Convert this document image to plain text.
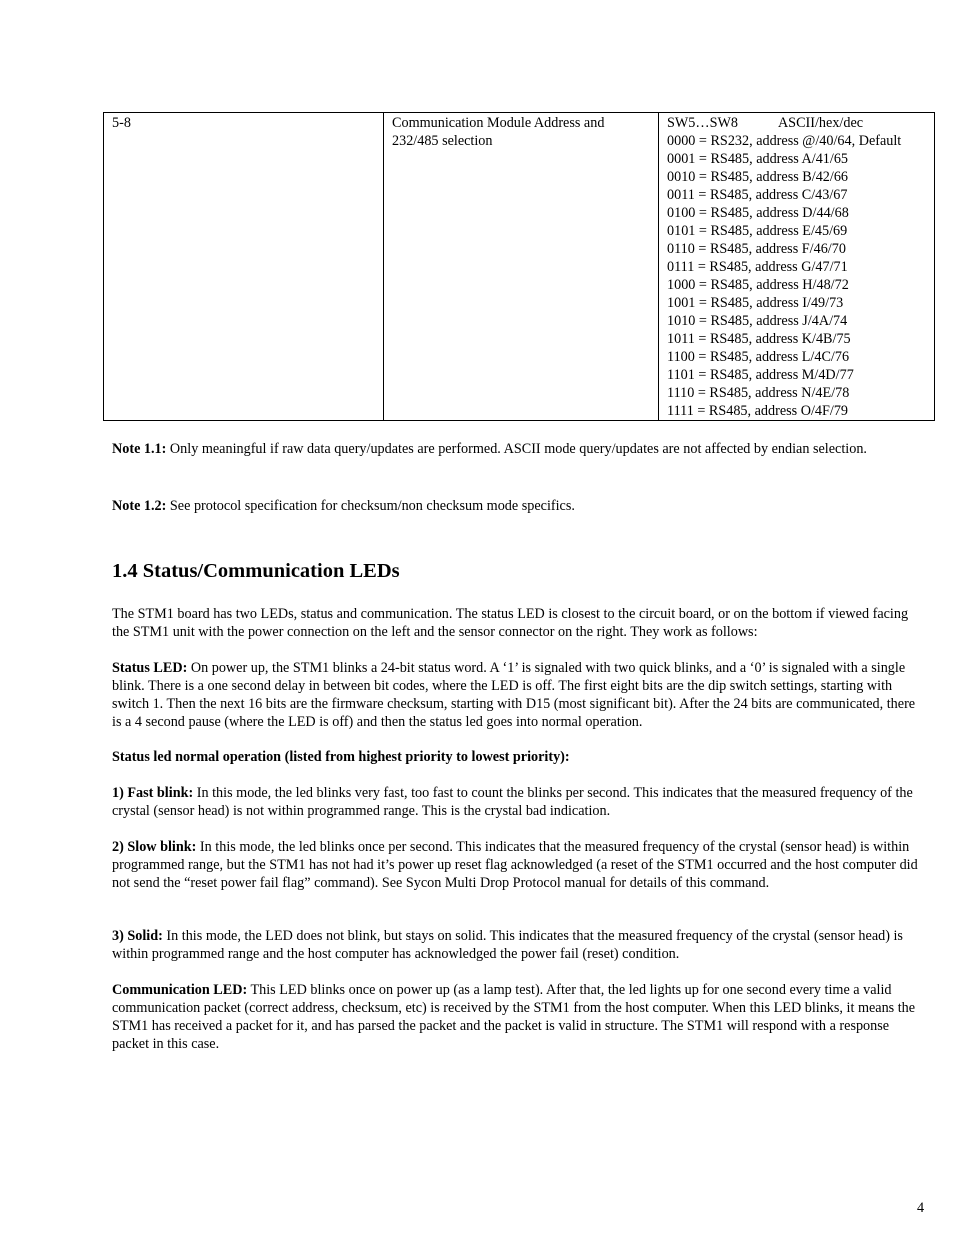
5-8	Communication Module Address and 232/485 selection	
SW5…SW8	ASCII/hex/dec
0000 = RS232, address @/40/64, Default
0001 = RS485, address A/41/65
0010 = RS485, address B/42/66
0011 = RS485, address C/43/67
0100 = RS485, address D/44/68
0101 = RS485, address E/45/69
0110 = RS485, address F/46/70
0111 = RS485, address G/47/71
1000 = RS485, address H/48/72
1001 = RS485, address I/49/73
1010 = RS485, address J/4A/74
1011 = RS485, address K/4B/75
1100 = RS485, address L/4C/76
1101 = RS485, address M/4D/77
1110 = RS485, address N/4E/78
1111 = RS485, address O/4F/79

Note 1.1: Only meaningful if raw data query/updates are performed. ASCII mode query/updates are not affected by endian selection.

Note 1.2: See protocol specification for checksum/non checksum mode specifics.

1.4 Status/Communication LEDs

The STM1 board has two LEDs, status and communication. The status LED is closest to the circuit board, or on the bottom if viewed facing the STM1 unit with the power connection on the left and the sensor connector on the right. They work as follows:

Status LED: On power up, the STM1 blinks a 24-bit status word. A ‘1’ is signaled with two quick blinks, and a ‘0’ is signaled with a single blink. There is a one second delay in between bit codes, where the LED is off. The first eight bits are the dip switch settings, starting with switch 1. Then the next 16 bits are the firmware checksum, starting with D15 (most significant bit). After the 24 bits are communicated, there is a 4 second pause (where the LED is off) and then the status led goes into normal operation.

Status led normal operation (listed from highest priority to lowest priority):

1) Fast blink: In this mode, the led blinks very fast, too fast to count the blinks per second. This indicates that the measured frequency of the crystal (sensor head) is not within programmed range. This is the crystal bad indication.

2) Slow blink: In this mode, the led blinks once per second. This indicates that the measured frequency of the crystal (sensor head) is within programmed range, but the STM1 has not had it’s power up reset flag acknowledged (a reset of the STM1 occurred and the host computer did not send the “reset power fail flag” command). See Sycon Multi Drop Protocol manual for details of this command.

3) Solid: In this mode, the LED does not blink, but stays on solid. This indicates that the measured frequency of the crystal (sensor head) is within programmed range and the host computer has acknowledged the power fail (reset) condition.

Communication LED: This LED blinks once on power up (as a lamp test). After that, the led lights up for one second every time a valid communication packet (correct address, checksum, etc) is received by the STM1 from the host computer. When this LED blinks, it means the STM1 has received a packet for it, and has parsed the packet and the packet is valid in structure. The STM1 will respond with a response packet in this case.

4
